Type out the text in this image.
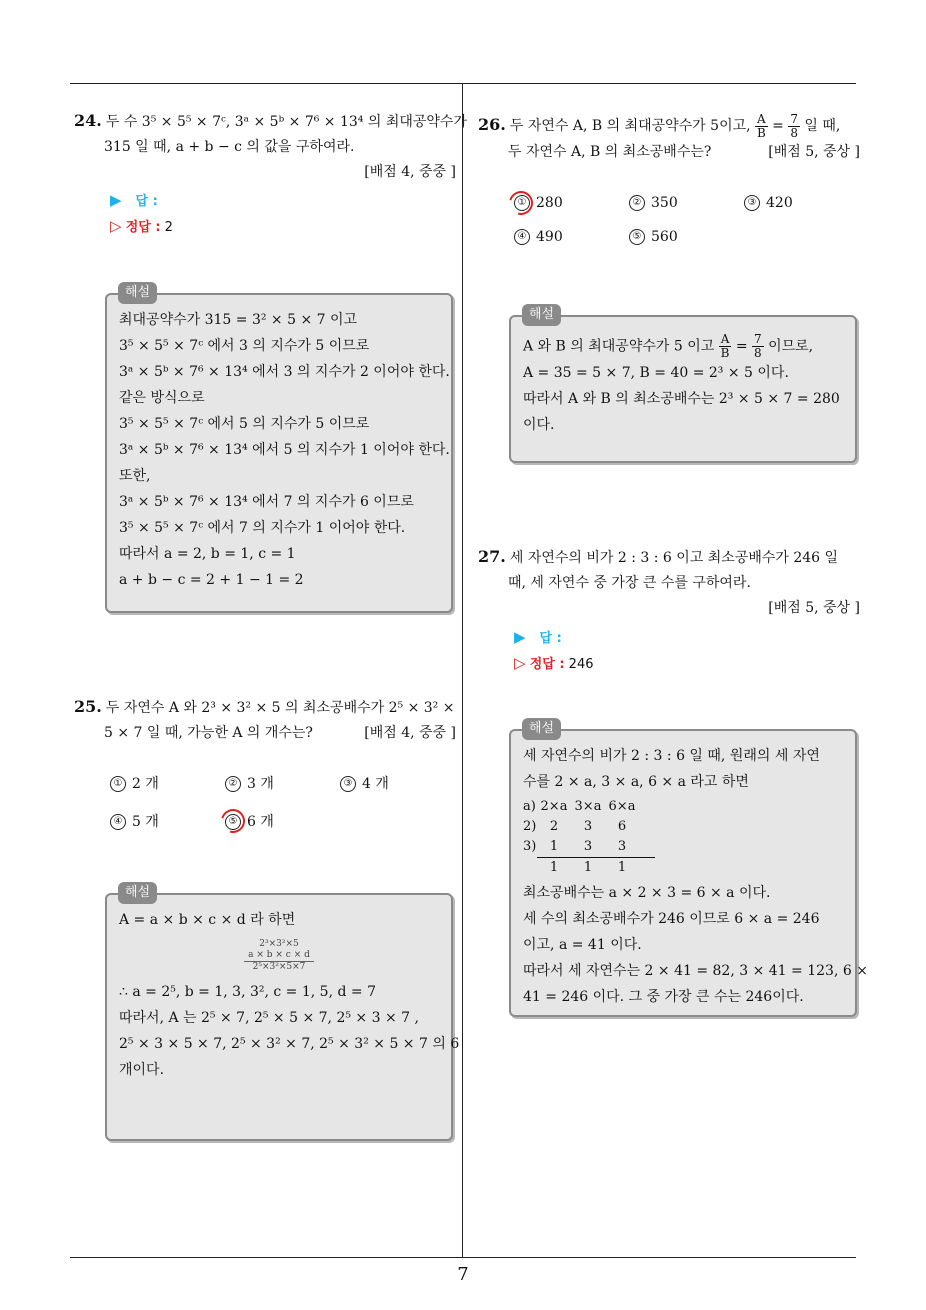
7
24. 두 수 3⁵ × 5⁵ × 7ᶜ, 3ᵃ × 5ᵇ × 7⁶ × 13⁴ 의 최대공약수가
315 일 때, a + b − c 의 값을 구하여라.
[배점 4, 중중 ]
▶ 답 :
▷ 정답 : 2
최대공약수가 315 = 3² × 5 × 7 이고
3⁵ × 5⁵ × 7ᶜ 에서 3 의 지수가 5 이므로
3ᵃ × 5ᵇ × 7⁶ × 13⁴ 에서 3 의 지수가 2 이어야 한다.
같은 방식으로
3⁵ × 5⁵ × 7ᶜ 에서 5 의 지수가 5 이므로
3ᵃ × 5ᵇ × 7⁶ × 13⁴ 에서 5 의 지수가 1 이어야 한다.
또한,
3ᵃ × 5ᵇ × 7⁶ × 13⁴ 에서 7 의 지수가 6 이므로
3⁵ × 5⁵ × 7ᶜ 에서 7 의 지수가 1 이어야 한다.
따라서 a = 2, b = 1, c = 1
a + b − c = 2 + 1 − 1 = 2
해설
25. 두 자연수 A 와 2³ × 3² × 5 의 최소공배수가 2⁵ × 3² ×
5 × 7 일 때, 가능한 A 의 개수는?	[배점 4, 중중 ]
① 2 개	② 3 개	③ 4 개
④ 5 개	⑤ 6 개
A = a × b × c × d 라 하면
2³×3²×5
a × b × c × d
2⁵×3²×5×7
∴ a = 2⁵, b = 1, 3, 3², c = 1, 5, d = 7
따라서, A 는 2⁵ × 7, 2⁵ × 5 × 7, 2⁵ × 3 × 7 ,
2⁵ × 3 × 5 × 7, 2⁵ × 3² × 7, 2⁵ × 3² × 5 × 7 의 6
개이다.
해설
26. 두 자연수 A, B 의 최대공약수가 5이고, $\frac{A}{B} = \frac{7}{8}$ 일 때,
두 자연수 A, B 의 최소공배수는?	[배점 5, 중상 ]
① 280	② 350	③ 420
④ 490	⑤ 560
A 와 B 의 최대공약수가 5 이고 $\frac{A}{B} = \frac{7}{8}$ 이므로,
A = 35 = 5 × 7, B = 40 = 2³ × 5 이다.
따라서 A 와 B 의 최소공배수는 2³ × 5 × 7 = 280
이다.
해설
27. 세 자연수의 비가 2 : 3 : 6 이고 최소공배수가 246 일
때, 세 자연수 중 가장 큰 수를 구하여라.
[배점 5, 중상 ]
▶ 답 :
▷ 정답 : 246
세 자연수의 비가 2 : 3 : 6 일 때, 원래의 세 자연
수를 2 × a, 3 × a, 6 × a 라고 하면
a) 2×a 3×a 6×a
2) 2 3 6
3) 1 3 3
1 1 1
최소공배수는 a × 2 × 3 = 6 × a 이다.
세 수의 최소공배수가 246 이므로 6 × a = 246
이고, a = 41 이다.
따라서 세 자연수는 2 × 41 = 82, 3 × 41 = 123, 6 ×
41 = 246 이다. 그 중 가장 큰 수는 246이다.
해설
